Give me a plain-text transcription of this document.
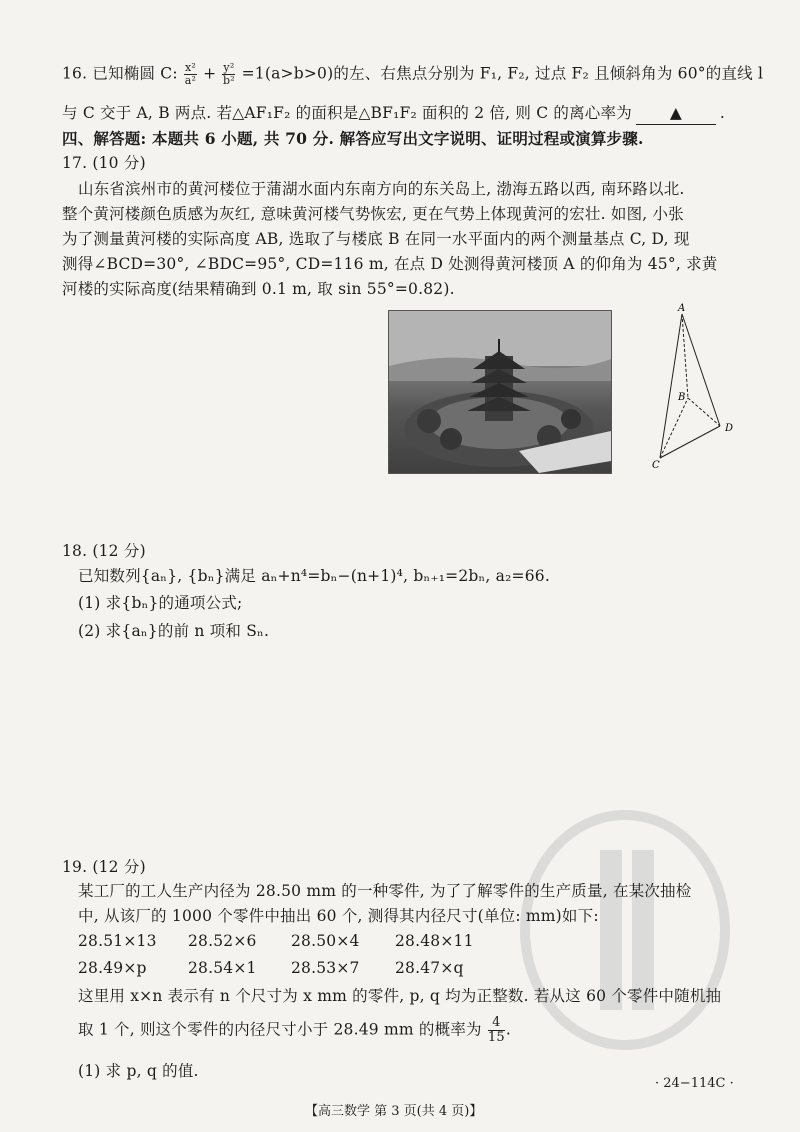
16. 已知椭圆 C: $\frac{\text{x²}}{\text{a²}} + \frac{\text{y²}}{\text{b²}} =1(a>b>0)$的左、右焦点分别为 F₁, F₂, 过点 F₂ 且倾斜角为 60°的直线 l
与 C 交于 A, B 两点. 若△AF₁F₂ 的面积是△BF₁F₂ 面积的 2 倍, 则 C 的离心率为 ▲ .
四、解答题: 本题共 6 小题, 共 70 分. 解答应写出文字说明、证明过程或演算步骤.
17. (10 分)
山东省滨州市的黄河楼位于蒲湖水面内东南方向的东关岛上, 渤海五路以西, 南环路以北.
整个黄河楼颜色质感为灰红, 意味黄河楼气势恢宏, 更在气势上体现黄河的宏壮. 如图, 小张
为了测量黄河楼的实际高度 AB, 选取了与楼底 B 在同一水平面内的两个测量基点 C, D, 现
测得∠BCD=30°, ∠BDC=95°, CD=116 m, 在点 D 处测得黄河楼顶 A 的仰角为 45°, 求黄
河楼的实际高度(结果精确到 0.1 m, 取 sin 55°=0.82).
A
B
C
D
18. (12 分)
已知数列{aₙ}, {bₙ}满足 aₙ+n⁴=bₙ−(n+1)⁴, bₙ₊₁=2bₙ, a₂=66.
(1) 求{bₙ}的通项公式;
(2) 求{aₙ}的前 n 项和 Sₙ.
19. (12 分)
某工厂的工人生产内径为 28.50 mm 的一种零件, 为了了解零件的生产质量, 在某次抽检
中, 从该厂的 1000 个零件中抽出 60 个, 测得其内径尺寸(单位: mm)如下:
28.51×13 28.52×6 28.50×4 28.48×11
28.49×p	28.54×1 28.53×7 28.47×q
这里用 x×n 表示有 n 个尺寸为 x mm 的零件, p, q 均为正整数. 若从这 60 个零件中随机抽
取 1 个, 则这个零件的内径尺寸小于 28.49 mm 的概率为 $\frac{4}{15}$ .
(1) 求 p, q 的值.
【高三数学 第 3 页(共 4 页)】
· 24−114C ·
